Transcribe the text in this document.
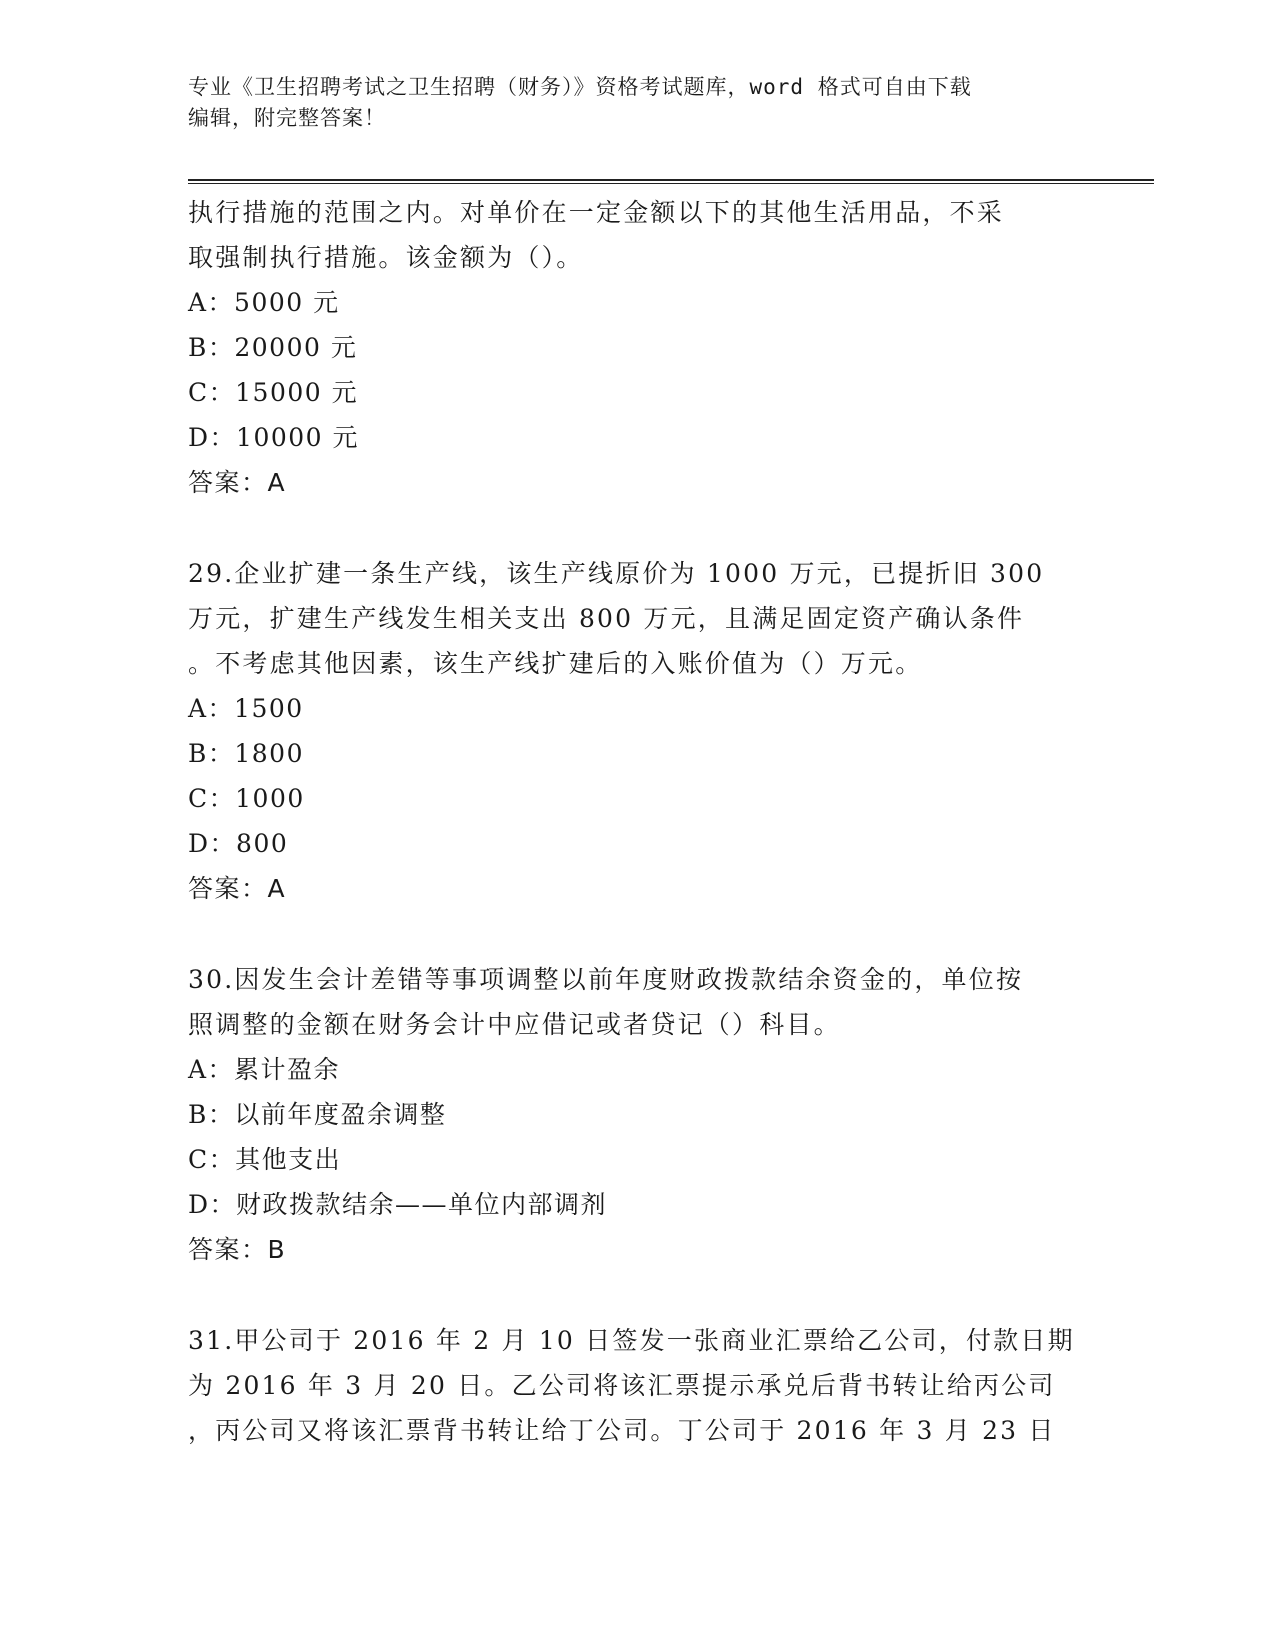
专业《卫生招聘考试之卫生招聘（财务）》资格考试题库，word 格式可自由下载
编辑，附完整答案！
执行措施的范围之内。对单价在一定金额以下的其他生活用品，不采
取强制执行措施。该金额为（）。
A：5000 元
B：20000 元
C：15000 元
D：10000 元
答案：A
29.企业扩建一条生产线，该生产线原价为 1000 万元，已提折旧 300
万元，扩建生产线发生相关支出 800 万元，且满足固定资产确认条件
。不考虑其他因素，该生产线扩建后的入账价值为（）万元。
A：1500
B：1800
C：1000
D：800
答案：A
30.因发生会计差错等事项调整以前年度财政拨款结余资金的，单位按
照调整的金额在财务会计中应借记或者贷记（）科目。
A：累计盈余
B：以前年度盈余调整
C：其他支出
D：财政拨款结余——单位内部调剂
答案：B
31.甲公司于 2016 年 2 月 10 日签发一张商业汇票给乙公司，付款日期
为 2016 年 3 月 20 日。乙公司将该汇票提示承兑后背书转让给丙公司
，丙公司又将该汇票背书转让给丁公司。丁公司于 2016 年 3 月 23 日
